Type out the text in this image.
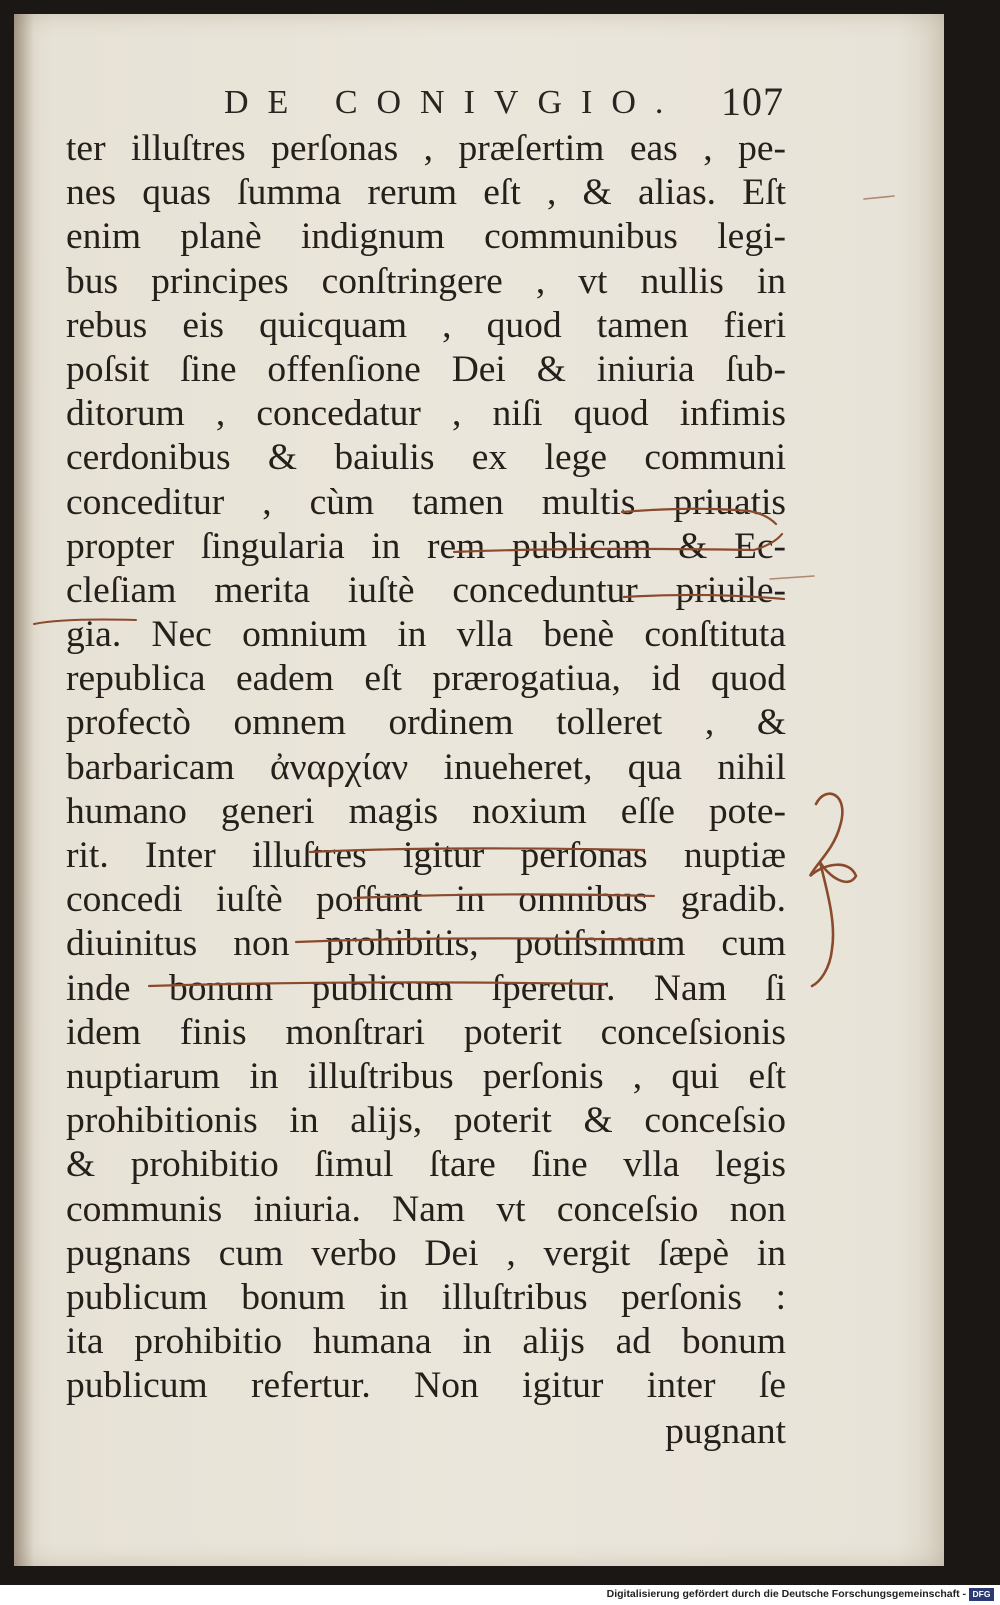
DE CONIVGIO. 107
ter illuſtres perſonas , præſertim eas , pe-
nes quas ſumma rerum eſt , & alias. Eſt
enim planè indignum communibus legi-
bus principes conſtringere , vt nullis in
rebus eis quicquam , quod tamen fieri
poſsit ſine offenſione Dei & iniuria ſub-
ditorum , concedatur , niſi quod infimis
cerdonibus & baiulis ex lege communi
conceditur , cùm tamen multis priuatis
propter ſingularia in rem publicam & Ec-
cleſiam merita iuſtè conceduntur priuile-
gia. Nec omnium in vlla benè conſtituta
republica eadem eſt prærogatiua, id quod
profectò omnem ordinem tolleret , &
barbaricam ἀναρχίαν inueheret, qua nihil
humano generi magis noxium eſſe pote-
rit. Inter illuſtres igitur perſonas nuptiæ
concedi iuſtè poſſunt in omnibus gradib.
diuinitus non prohibitis, potiſsimum cum
inde bonum publicum ſperetur. Nam ſi
idem finis monſtrari poterit conceſsionis
nuptiarum in illuſtribus perſonis , qui eſt
prohibitionis in alijs, poterit & conceſsio
& prohibitio ſimul ſtare ſine vlla legis
communis iniuria. Nam vt conceſsio non
pugnans cum verbo Dei , vergit ſæpè in
publicum bonum in illuſtribus perſonis :
ita prohibitio humana in alijs ad bonum
publicum refertur. Non igitur inter ſe
pugnant
Digitalisierung gefördert durch die Deutsche Forschungsgemeinschaft - DFG
